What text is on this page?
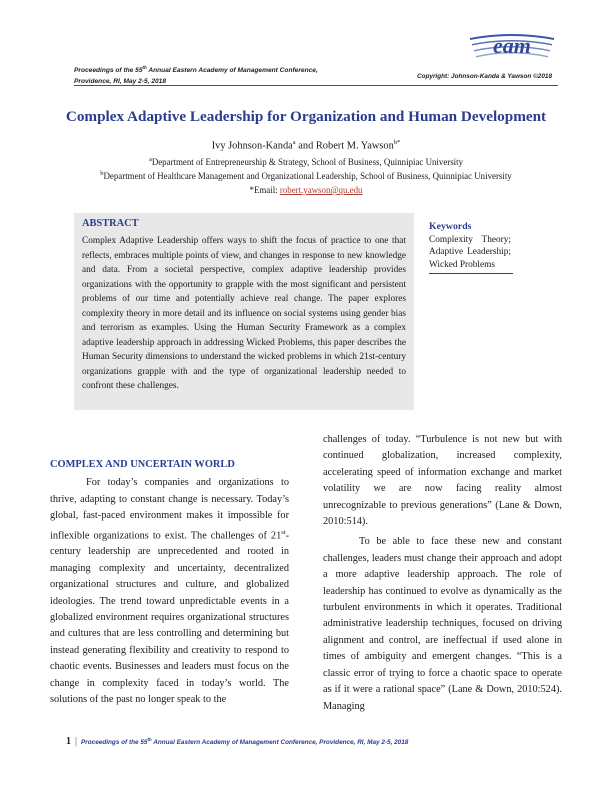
Proceedings of the 55th Annual Eastern Academy of Management Conference,
Providence, RI, May 2-5, 2018
Copyright: Johnson-Kanda & Yawson ©2018
eam
Complex Adaptive Leadership for Organization and Human Development
Ivy Johnson-Kanda$^a$ and Robert M. Yawson$^{b*}$
$^a$Department of Entrepreneurship & Strategy, School of Business, Quinnipiac University
$^b$Department of Healthcare Management and Organizational Leadership, School of Business, Quinnipiac University
*Email: robert.yawson@qu.edu
ABSTRACT
Complex Adaptive Leadership offers ways to shift the focus of practice to one that reflects, embraces multiple points of view, and changes in response to new knowledge and data. From a societal perspective, complex adaptive leadership provides organizations with the opportunity to grapple with the most significant and persistent problems of our time and potentially achieve real change. The paper explores complexity theory in more detail and its influence on social systems using gender bias and terrorism as examples. Using the Human Security Framework as a complex adaptive leadership approach in addressing Wicked Problems, this paper describes the Human Security dimensions to understand the wicked problems in which 21st-century organizations grapple with and the type of organizational leadership needed to confront these challenges.
Keywords
Complexity Theory; Adaptive Leadership; Wicked Problems
COMPLEX AND UNCERTAIN WORLD

For today’s companies and organizations to thrive, adapting to constant change is necessary. Today’s global, fast-paced environment makes it impossible for inflexible organizations to exist. The challenges of 21st-century leadership are unprecedented and rooted in managing complexity and uncertainty, decentralized organizational structures and culture, and globalized ideologies. The trend toward unpredictable events in a globalized environment requires organizational structures and cultures that are less controlling and determining but instead generating flexibility and creativity to respond to chaotic events. Businesses and leaders must focus on the change in complexity faced in today’s world. The solutions of the past no longer speak to the

challenges of today. “Turbulence is not new but with continued globalization, increased complexity, accelerating speed of information exchange and market volatility we are now facing reality almost unrecognizable to previous generations” (Lane & Down, 2010:514).

To be able to face these new and constant challenges, leaders must change their approach and adopt a more adaptive leadership approach. The role of leadership has continued to evolve as dynamically as the turbulent environments in which it operates. Traditional administrative leadership techniques, focused on driving alignment and control, are ineffectual if used alone in times of ambiguity and emergent changes. “This is a classic error of trying to force a chaotic space to operate as if it were a rational space” (Lane & Down, 2010:524). Managing

1 | Proceedings of the 55th Annual Eastern Academy of Management Conference, Providence, RI, May 2-5, 2018
